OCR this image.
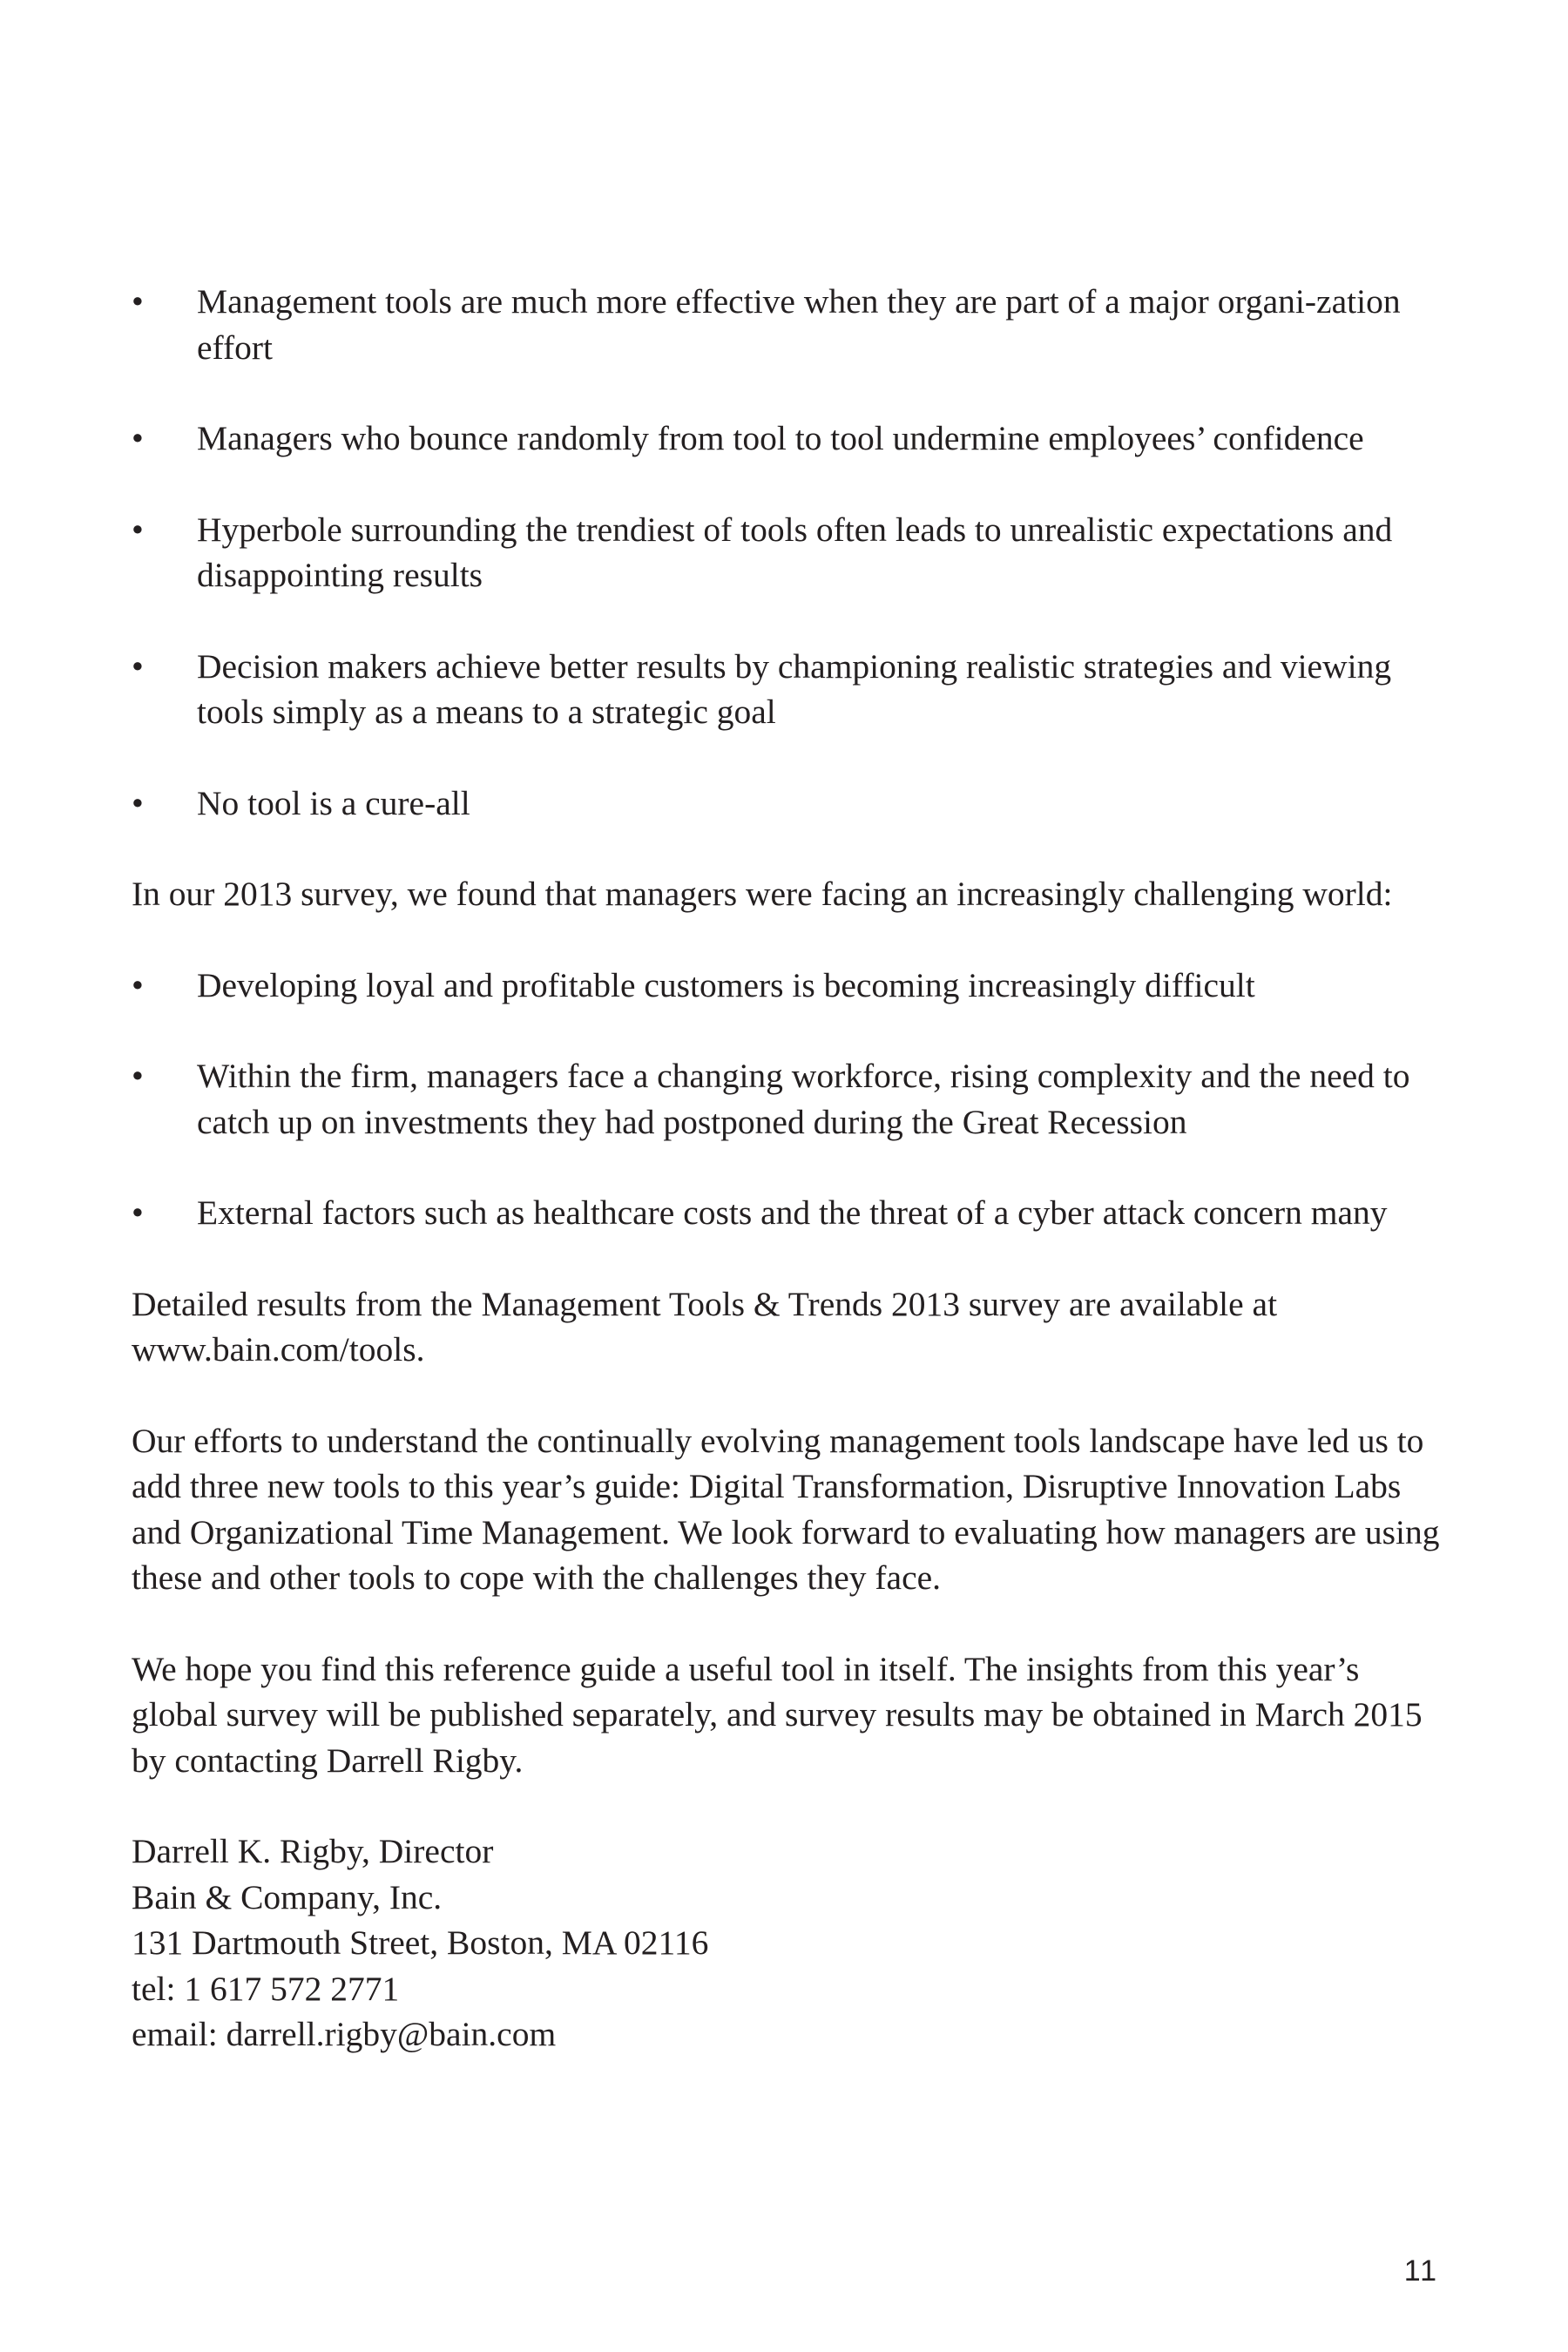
• Management tools are much more effective when they are part of a major organi-zation effort
• Managers who bounce randomly from tool to tool undermine employees’ confidence
• Hyperbole surrounding the trendiest of tools often leads to unrealistic expectations and disappointing results
• Decision makers achieve better results by championing realistic strategies and viewing tools simply as a means to a strategic goal
• No tool is a cure-all

In our 2013 survey, we found that managers were facing an increasingly challenging world:

• Developing loyal and profitable customers is becoming increasingly difficult
• Within the firm, managers face a changing workforce, rising complexity and the need to catch up on investments they had postponed during the Great Recession
• External factors such as healthcare costs and the threat of a cyber attack concern many

Detailed results from the Management Tools & Trends 2013 survey are available at www.bain.com/tools.

Our efforts to understand the continually evolving management tools landscape have led us to add three new tools to this year’s guide: Digital Transformation, Disruptive Innovation Labs and Organizational Time Management. We look forward to evaluating how managers are using these and other tools to cope with the challenges they face.

We hope you find this reference guide a useful tool in itself. The insights from this year’s global survey will be published separately, and survey results may be obtained in March 2015 by contacting Darrell Rigby.

Darrell K. Rigby, Director
Bain & Company, Inc.
131 Dartmouth Street, Boston, MA 02116
tel: 1 617 572 2771
email: darrell.rigby@bain.com

11
